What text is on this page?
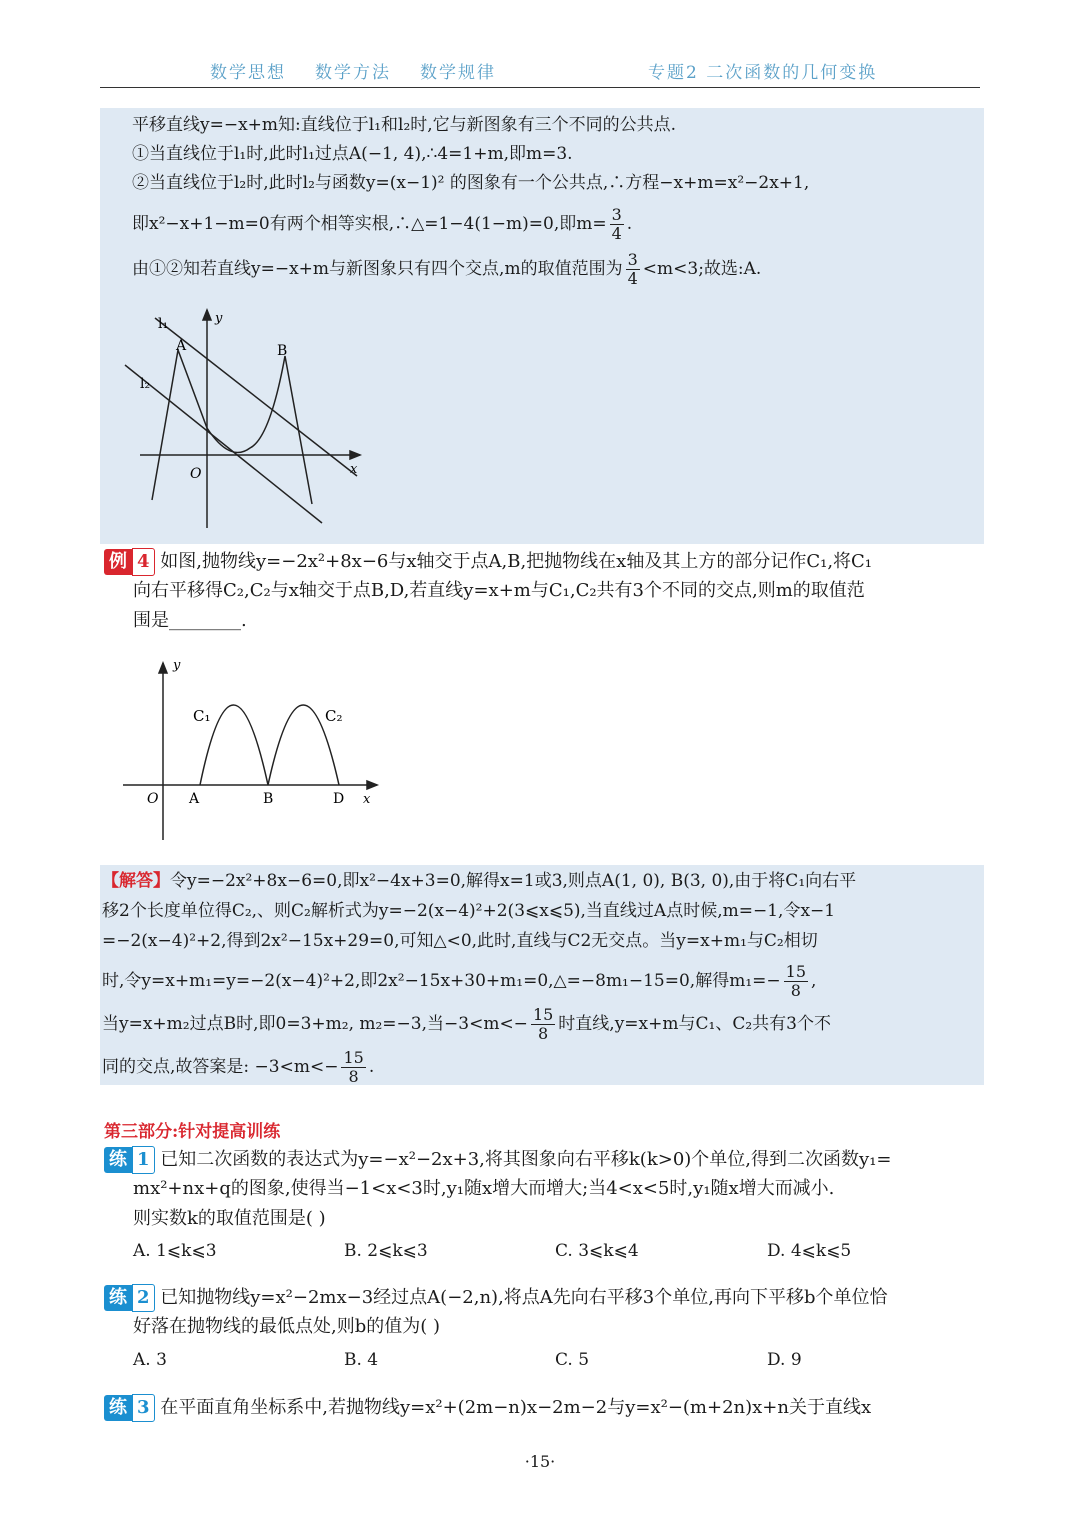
数学思想 数学方法 数学规律	专题2 二次函数的几何变换
平移直线y=−x+m知:直线位于l₁和l₂时,它与新图象有三个不同的公共点.
①当直线位于l₁时,此时l₁过点A(−1, 4),∴4=1+m,即m=3.
②当直线位于l₂时,此时l₂与函数y=(x−1)² 的图象有一个公共点,∴方程−x+m=x²−2x+1,
即x²−x+1−m=0有两个相等实根,∴△=1−4(1−m)=0,即$m= \frac{3}{4}$ .
由①②知若直线y=−x+m与新图象只有四个交点,m的取值范围为 $\frac{3}{4} <m<3$;故选:A.
l₁
A
y
B
l₂
O	x
例 4 如图,抛物线y=−2x²+8x−6与x轴交于点A,B,把抛物线在x轴及其上方的部分记作C₁,将C₁
向右平移得C₂,C₂与x轴交于点B,D,若直线y=x+m与C₁,C₂共有3个不同的交点,则m的取值范
围是________.
y
C₁	C₂
O A	B	D x
【解答】令y=−2x²+8x−6=0,即x²−4x+3=0,解得x=1或3,则点A(1, 0), B(3, 0),由于将C₁向右平
移2个长度单位得C₂,、则C₂解析式为y=−2(x−4)²+2(3⩽x⩽5),当直线过A点时候,m=−1,令x−1
=−2(x−4)²+2,得到2x²−15x+29=0,可知△<0,此时,直线与C2无交点。当y=x+m₁与C₂相切
时,令y=x+m₁=y=−2(x−4)²+2,即2x²−15x+30+m₁=0,△=−8m₁−15=0,解得$m_1=- \frac{15}{8}$ ,
当y=x+m₂过点B时,即0=3+m₂, m₂=−3,当$-3<m<- \frac{15}{8}$ 时直线,y=x+m与C₁、C₂共有3个不
同的交点,故答案是: $-3<m<- \frac{15}{8}$ .
第三部分:针对提高训练
练 1 已知二次函数的表达式为y=−x²−2x+3,将其图象向右平移k(k>0)个单位,得到二次函数y₁=
mx²+nx+q的图象,使得当−1<x<3时,y₁随x增大而增大;当4<x<5时,y₁随x增大而减小.
则实数k的取值范围是( )
A. 1⩽k⩽3	B. 2⩽k⩽3	C. 3⩽k⩽4	D. 4⩽k⩽5
练 2 已知抛物线y=x²−2mx−3经过点A(−2,n),将点A先向右平移3个单位,再向下平移b个单位恰
好落在抛物线的最低点处,则b的值为( )
A. 3	B. 4	C. 5	D. 9
练 3 在平面直角坐标系中,若抛物线y=x²+(2m−n)x−2m−2与y=x²−(m+2n)x+n关于直线x
·15·
